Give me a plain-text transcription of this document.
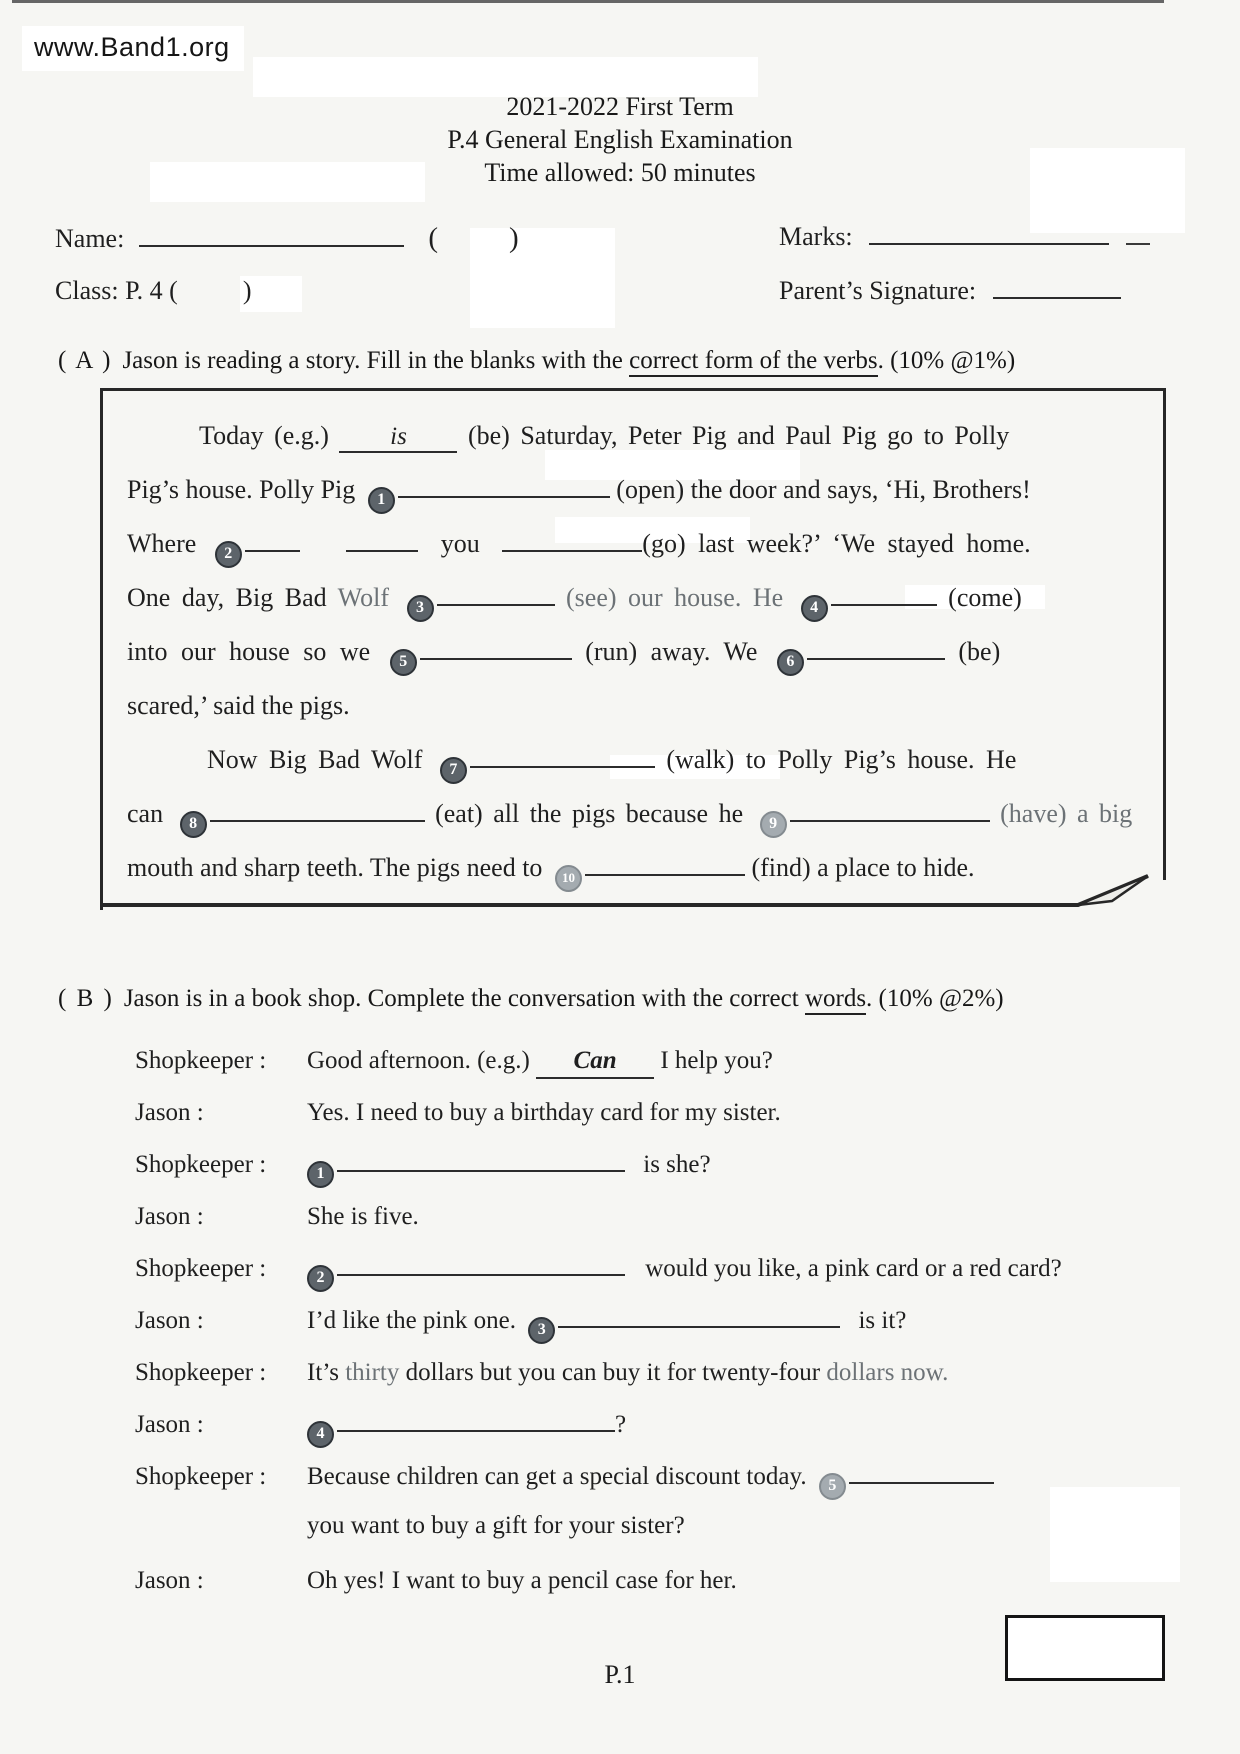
www.Band1.org
2021-2022 First Term
P.4 General English Examination
Time allowed: 50 minutes
Name:	( )	Marks:
Class: P. 4 (	)	Parent’s Signature:
( A ) Jason is reading a story. Fill in the blanks with the correct form of the verbs. (10% @1%)
Today (e.g.) is (be) Saturday, Peter Pig and Paul Pig go to Polly
Pig’s house. Polly Pig 1	(open) the door and says, ‘Hi, Brothers!
Where 2	you	(go) last week?’ ‘We stayed home.
One day, Big Bad Wolf 3	(see) our house. He 4	(come)
into our house so we 5	(run) away. We 6	(be)
scared,’ said the pigs.
Now Big Bad Wolf 7	(walk) to Polly Pig’s house. He
can 8	(eat) all the pigs because he 9	(have) a big
mouth and sharp teeth. The pigs need to 10	(find) a place to hide.
( B ) Jason is in a book shop. Complete the conversation with the correct words. (10% @2%)
Shopkeeper :	Good afternoon. (e.g.) Can I help you?
Jason :	Yes. I need to buy a birthday card for my sister.
Shopkeeper :	1	is she?
Jason :	She is five.
Shopkeeper :	2	would you like, a pink card or a red card?
Jason :	I’d like the pink one. 3	is it?
Shopkeeper :	It’s thirty dollars but you can buy it for twenty-four dollars now.
Jason :	4	?
Shopkeeper :	Because children can get a special discount today. 5
you want to buy a gift for your sister?
Jason :	Oh yes! I want to buy a pencil case for her.
P.1
